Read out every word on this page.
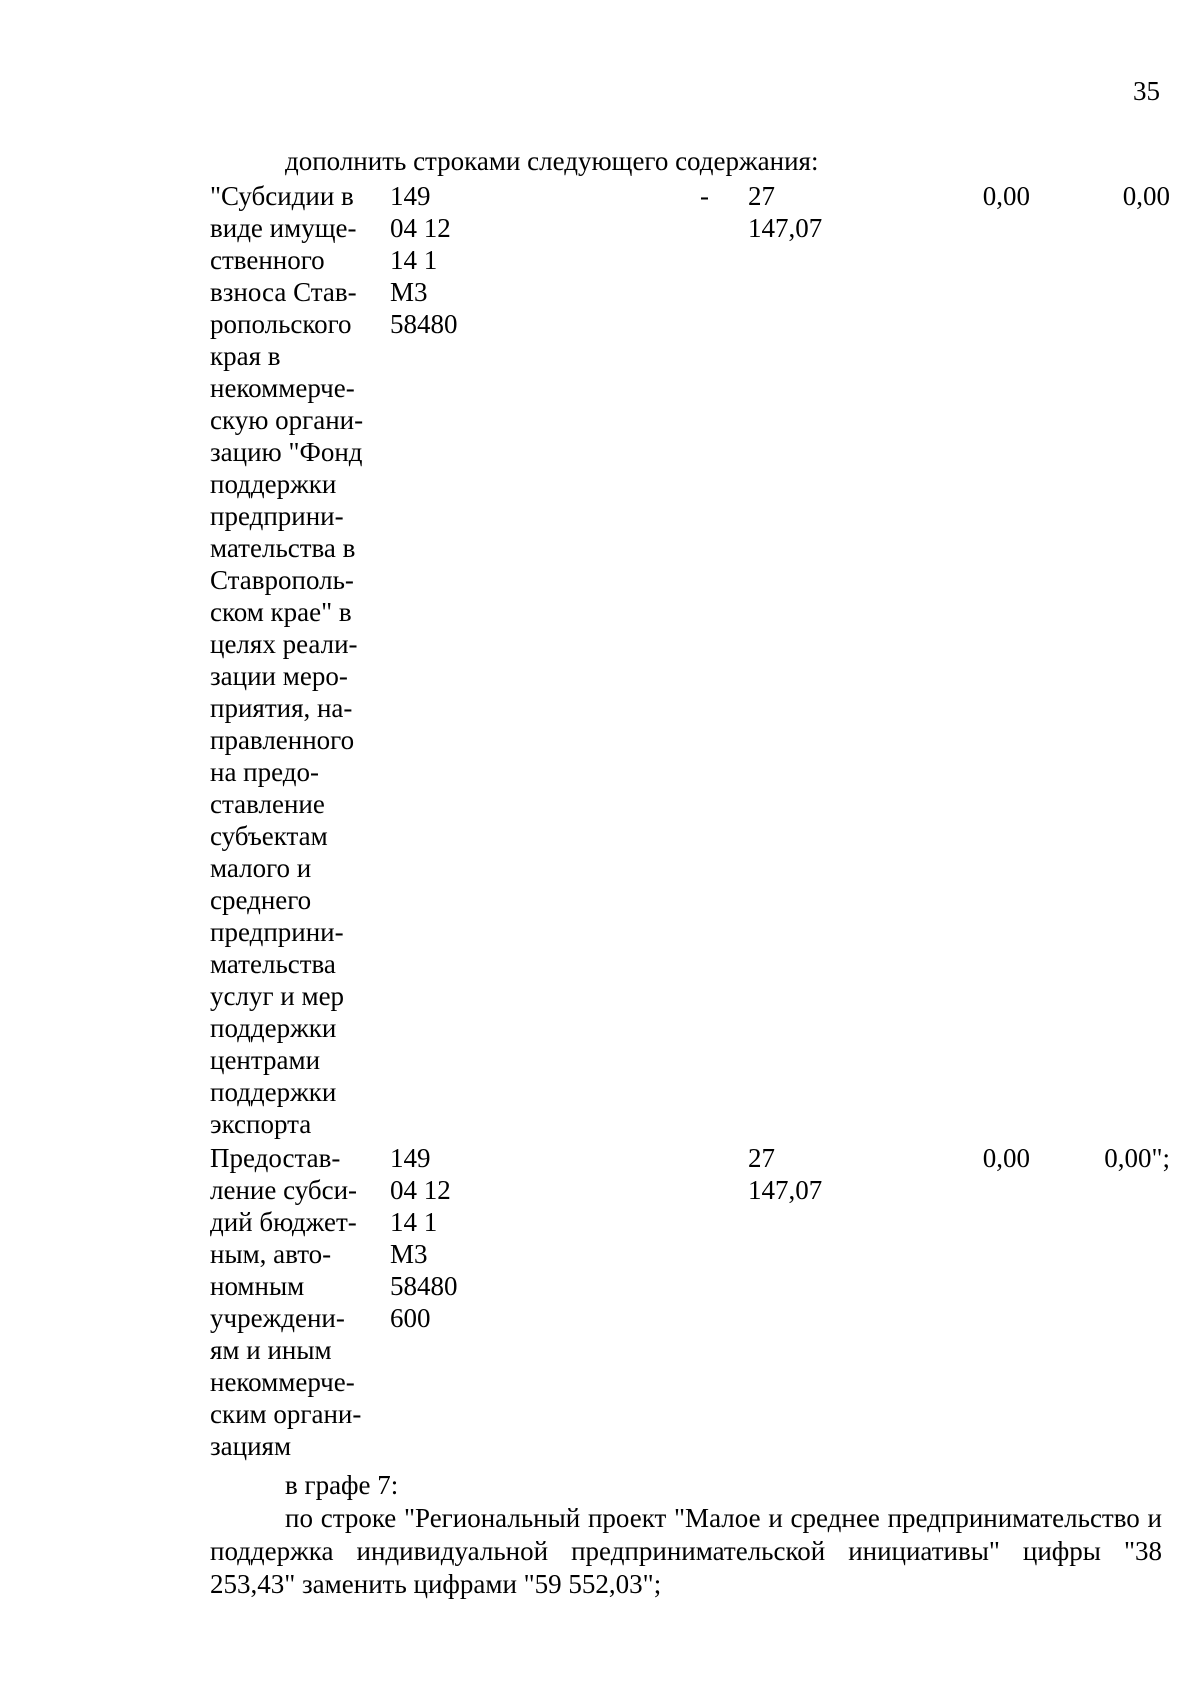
35
дополнить строками следующего содержания:
"Субсидии в
виде имуще-
ственного
взноса Став-
ропольского
края в
некоммерче-
скую органи-
зацию "Фонд
поддержки
предприни-
мательства в
Ставрополь-
ском крае" в
целях реали-
зации меро-
приятия, на-
правленного
на предо-
ставление
субъектам
малого и
среднего
предприни-
мательства
услуг и мер
поддержки
центрами
поддержки
экспорта
149 04 12 14 1 M3 58480
- 27 147,07
0,00	0,00
Предостав-
ление субси-
дий бюджет-
ным, авто-
номным
учреждени-
ям и иным
некоммерче-
ским органи-
зациям
149 04 12 14 1 M3 58480 600
27 147,07
0,00	0,00";
в графе 7:
по строке "Региональный проект "Малое и среднее предпринимательство и поддержка индивидуальной предпринимательской инициативы" цифры "38 253,43" заменить цифрами "59 552,03";
